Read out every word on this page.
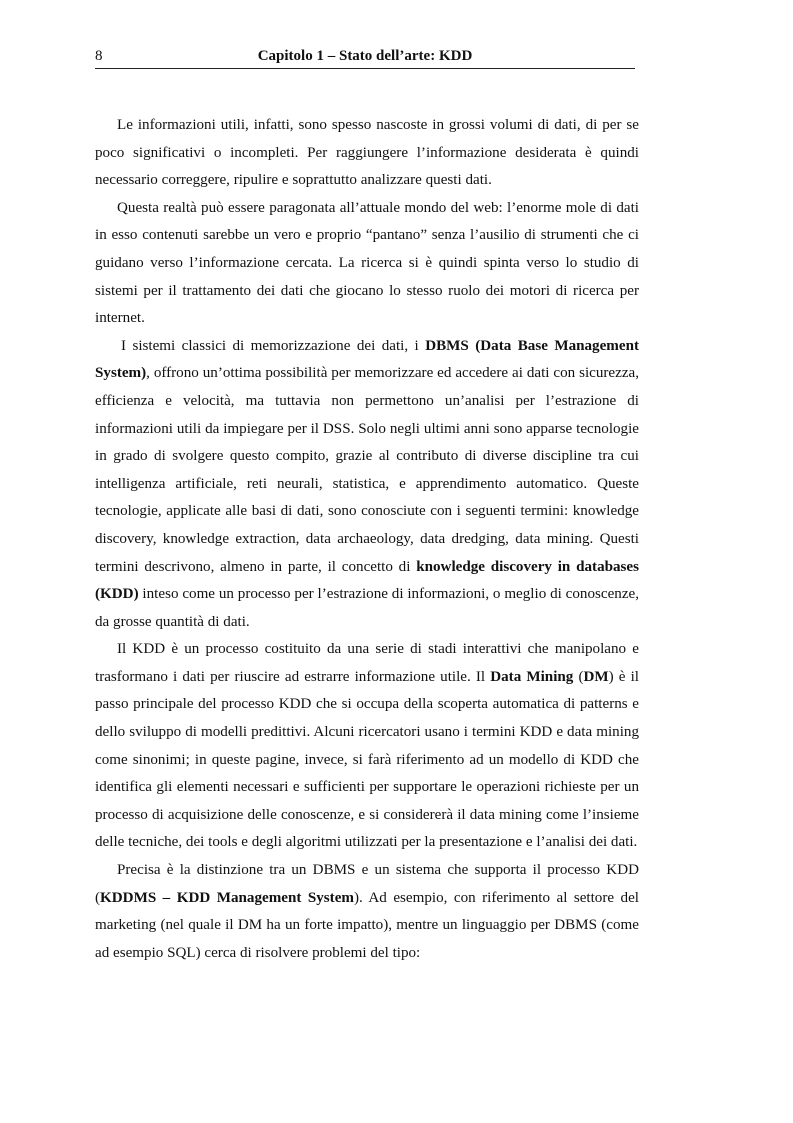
8	Capitolo 1 – Stato dell’arte: KDD

Le informazioni utili, infatti, sono spesso nascoste in grossi volumi di dati, di per se poco significativi o incompleti. Per raggiungere l’informazione desiderata è quindi necessario correggere, ripulire e soprattutto analizzare questi dati.

Questa realtà può essere paragonata all’attuale mondo del web: l’enorme mole di dati in esso contenuti sarebbe un vero e proprio “pantano” senza l’ausilio di strumenti che ci guidano verso l’informazione cercata. La ricerca si è quindi spinta verso lo studio di sistemi per il trattamento dei dati che giocano lo stesso ruolo dei motori di ricerca per internet.

I sistemi classici di memorizzazione dei dati, i DBMS (Data Base Management System), offrono un’ottima possibilità per memorizzare ed accedere ai dati con sicurezza, efficienza e velocità, ma tuttavia non permettono un’analisi per l’estrazione di informazioni utili da impiegare per il DSS. Solo negli ultimi anni sono apparse tecnologie in grado di svolgere questo compito, grazie al contributo di diverse discipline tra cui intelligenza artificiale, reti neurali, statistica, e apprendimento automatico. Queste tecnologie, applicate alle basi di dati, sono conosciute con i seguenti termini: knowledge discovery, knowledge extraction, data archaeology, data dredging, data mining. Questi termini descrivono, almeno in parte, il concetto di knowledge discovery in databases (KDD) inteso come un processo per l’estrazione di informazioni, o meglio di conoscenze, da grosse quantità di dati.

Il KDD è un processo costituito da una serie di stadi interattivi che manipolano e trasformano i dati per riuscire ad estrarre informazione utile. Il Data Mining (DM) è il passo principale del processo KDD che si occupa della scoperta automatica di patterns e dello sviluppo di modelli predittivi. Alcuni ricercatori usano i termini KDD e data mining come sinonimi; in queste pagine, invece, si farà riferimento ad un modello di KDD che identifica gli elementi necessari e sufficienti per supportare le operazioni richieste per un processo di acquisizione delle conoscenze, e si considererà il data mining come l’insieme delle tecniche, dei tools e degli algoritmi utilizzati per la presentazione e l’analisi dei dati.

Precisa è la distinzione tra un DBMS e un sistema che supporta il processo KDD (KDDMS – KDD Management System). Ad esempio, con riferimento al settore del marketing (nel quale il DM ha un forte impatto), mentre un linguaggio per DBMS (come ad esempio SQL) cerca di risolvere problemi del tipo:
